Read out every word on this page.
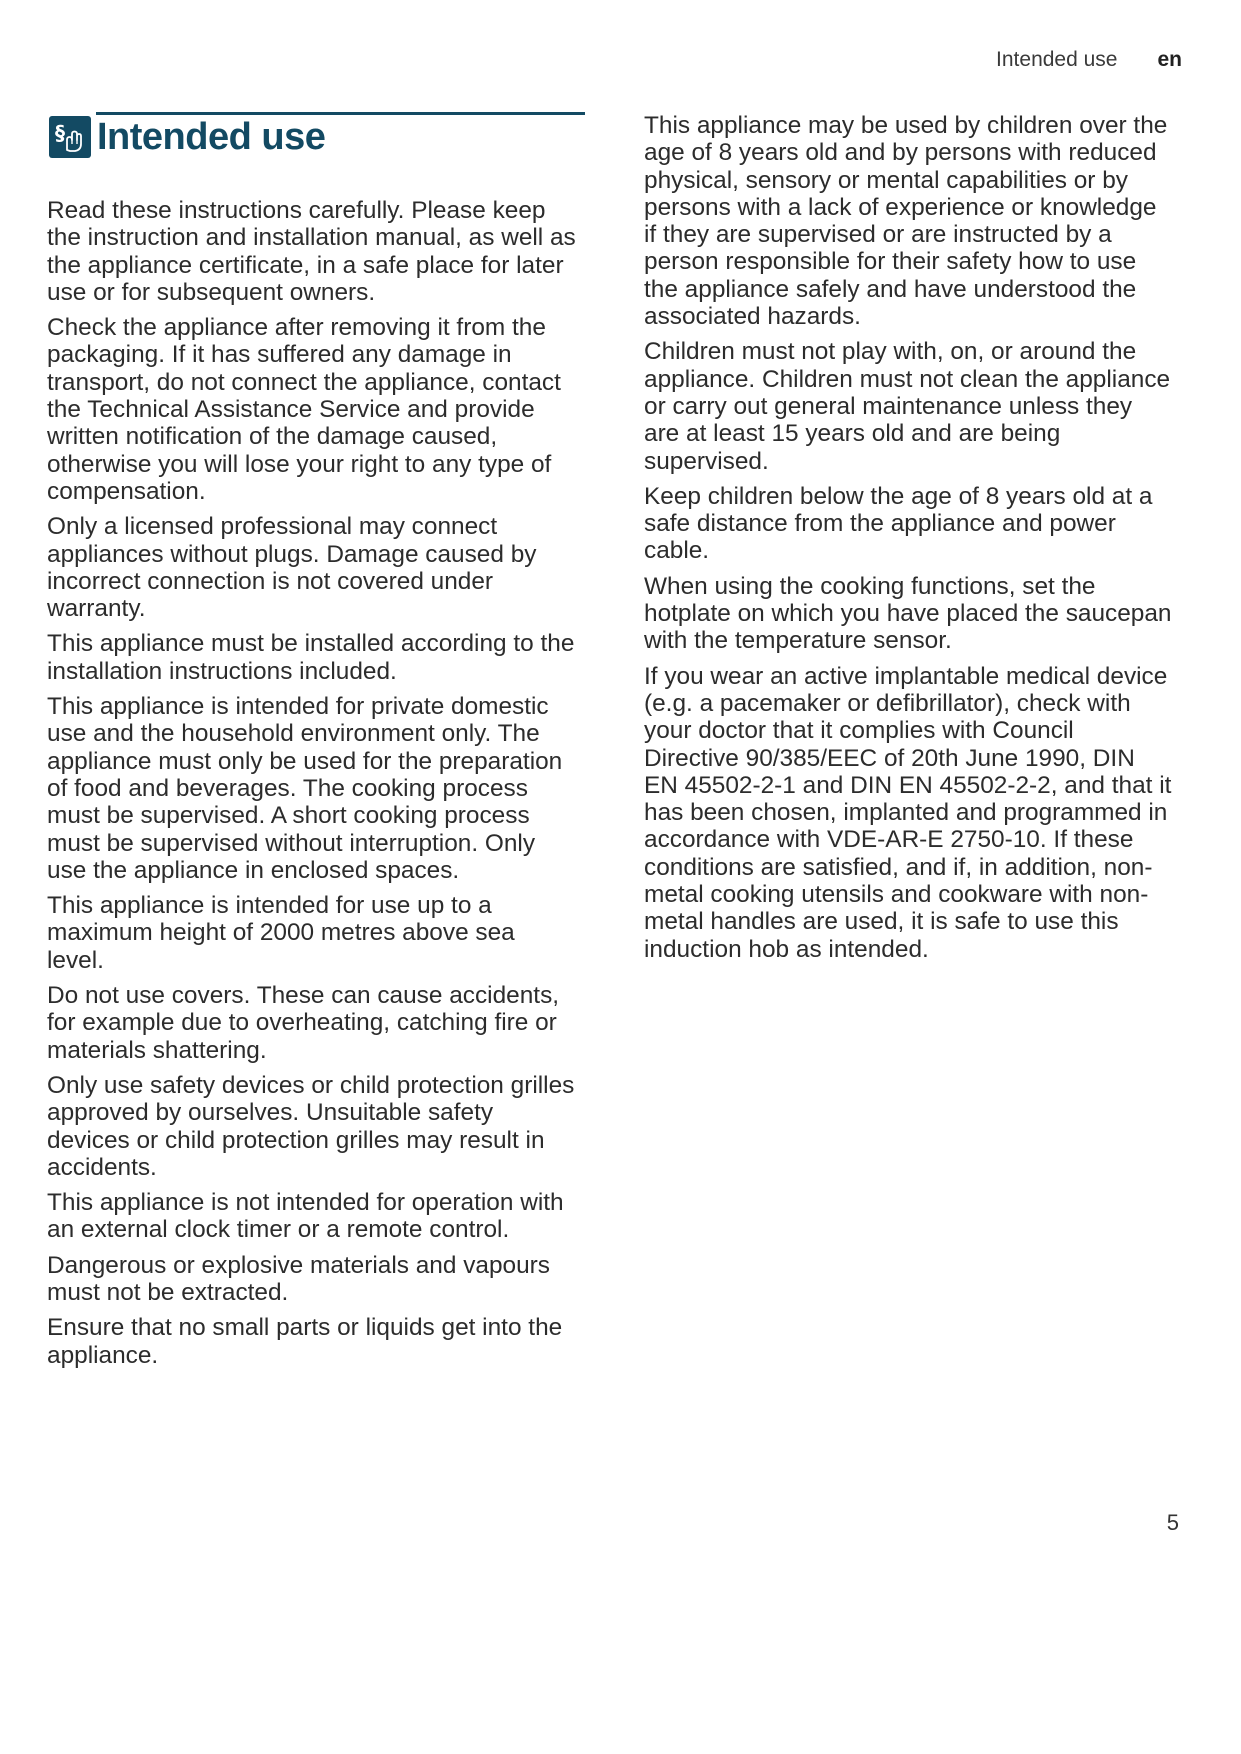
Intended use en
§ Intended use

Read these instructions carefully. Please keep the instruction and installation manual, as well as the appliance certificate, in a safe place for later use or for subsequent owners.

Check the appliance after removing it from the packaging. If it has suffered any damage in transport, do not connect the appliance, contact the Technical Assistance Service and provide written notification of the damage caused, otherwise you will lose your right to any type of compensation.

Only a licensed professional may connect appliances without plugs. Damage caused by incorrect connection is not covered under warranty.

This appliance must be installed according to the installation instructions included.

This appliance is intended for private domestic use and the household environment only. The appliance must only be used for the preparation of food and beverages. The cooking process must be supervised. A short cooking process must be supervised without interruption. Only use the appliance in enclosed spaces.

This appliance is intended for use up to a maximum height of 2000 metres above sea level.

Do not use covers. These can cause accidents, for example due to overheating, catching fire or materials shattering.

Only use safety devices or child protection grilles approved by ourselves. Unsuitable safety devices or child protection grilles may result in accidents.

This appliance is not intended for operation with an external clock timer or a remote control.

Dangerous or explosive materials and vapours must not be extracted.

Ensure that no small parts or liquids get into the appliance.

This appliance may be used by children over the age of 8 years old and by persons with reduced physical, sensory or mental capabilities or by persons with a lack of experience or knowledge if they are supervised or are instructed by a person responsible for their safety how to use the appliance safely and have understood the associated hazards.

Children must not play with, on, or around the appliance. Children must not clean the appliance or carry out general maintenance unless they are at least 15 years old and are being supervised.

Keep children below the age of 8 years old at a safe distance from the appliance and power cable.

When using the cooking functions, set the hotplate on which you have placed the saucepan with the temperature sensor.

If you wear an active implantable medical device (e.g. a pacemaker or defibrillator), check with your doctor that it complies with Council Directive 90/385/EEC of 20th June 1990, DIN EN 45502-2-1 and DIN EN 45502-2-2, and that it has been chosen, implanted and programmed in accordance with VDE-AR-E 2750-10. If these conditions are satisfied, and if, in addition, non-metal cooking utensils and cookware with non-metal handles are used, it is safe to use this induction hob as intended.

5
